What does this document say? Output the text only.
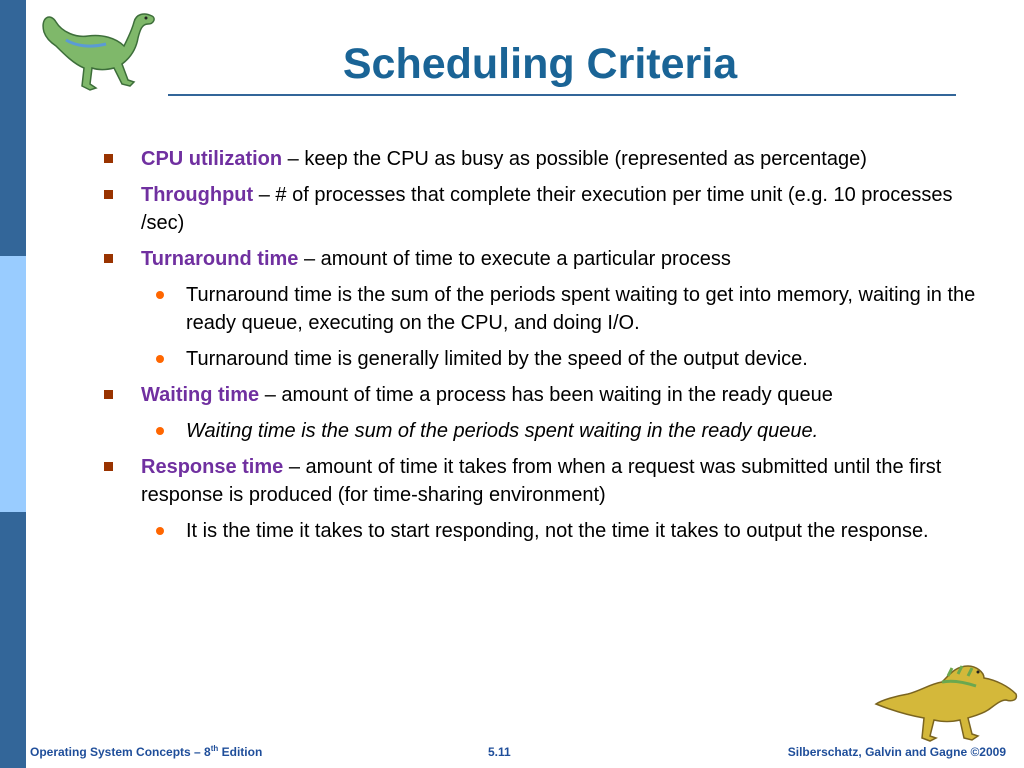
Scheduling Criteria
CPU utilization – keep the CPU as busy as possible (represented as percentage)
Throughput – # of processes that complete their execution per time unit (e.g. 10 processes /sec)
Turnaround time – amount of time to execute a particular process
Turnaround time is the sum of the periods spent waiting to get into memory, waiting in the ready queue, executing on the CPU, and doing I/O.
Turnaround time is generally limited by the speed of the output device.
Waiting time – amount of time a process has been waiting in the ready queue
Waiting time is the sum of the periods spent waiting in the ready queue.
Response time – amount of time it takes from when a request was submitted until the first response is produced (for time-sharing environment)
It is the time it takes to start responding, not the time it takes to output the response.
Operating System Concepts – 8th Edition	5.11	Silberschatz, Galvin and Gagne ©2009
